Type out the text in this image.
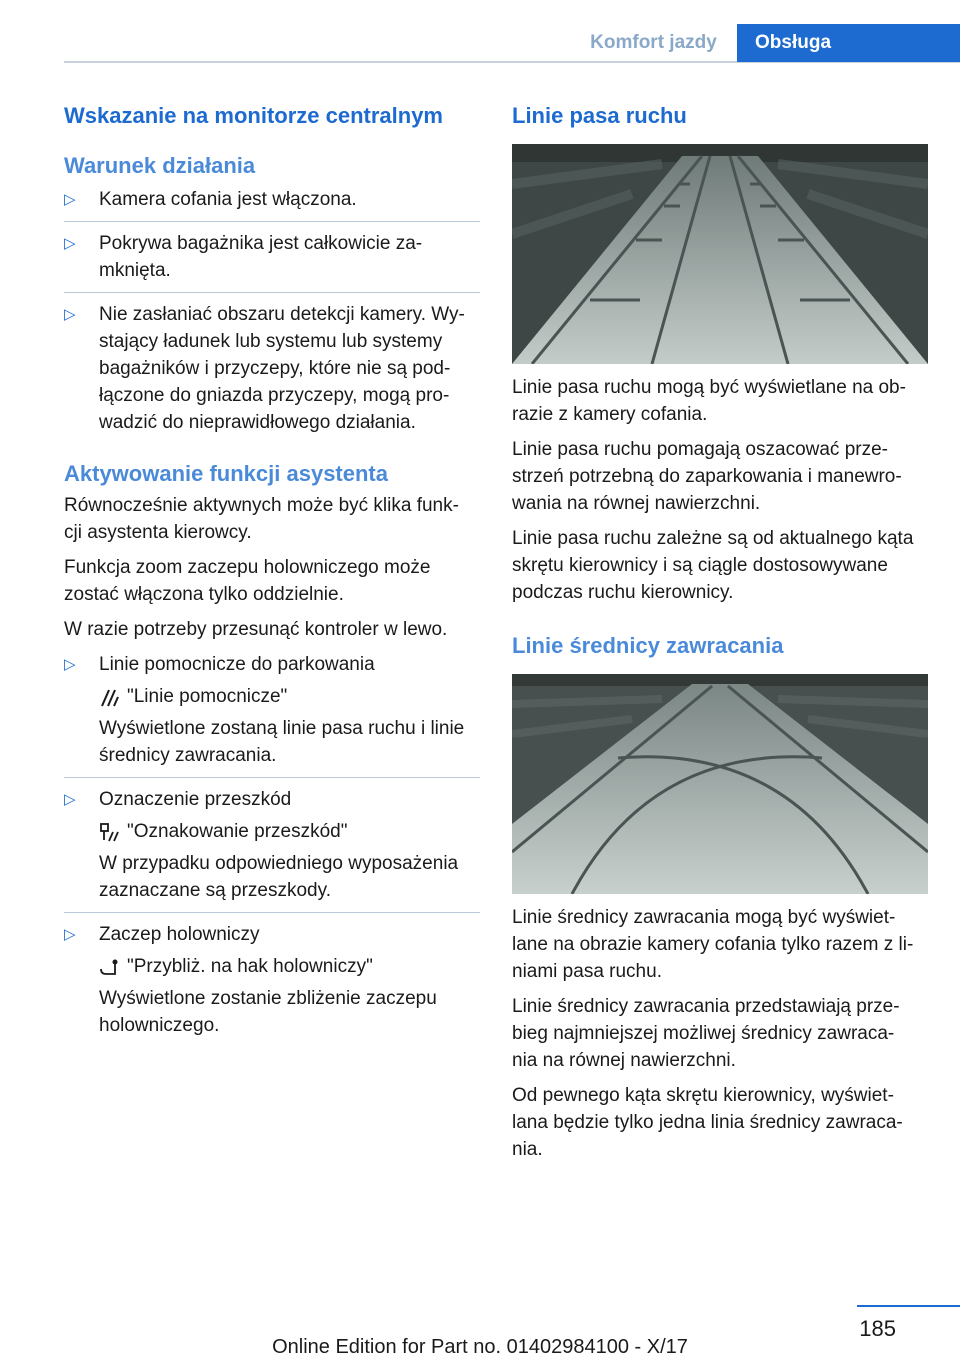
Komfort jazdy	Obsługa
Wskazanie na monitorze centralnym
Warunek działania
▷ Kamera cofania jest włączona.
▷ Pokrywa bagażnika jest całkowicie za-
mknięta.
▷ Nie zasłaniać obszaru detekcji kamery. Wy-
stający ładunek lub systemu lub systemy
bagażników i przyczepy, które nie są pod-
łączone do gniazda przyczepy, mogą pro-
wadzić do nieprawidłowego działania.
Aktywowanie funkcji asystenta

Równocześnie aktywnych może być klika funk-
cji asystenta kierowcy.

Funkcja zoom zaczepu holowniczego może
zostać włączona tylko oddzielnie.

W razie potrzeby przesunąć kontroler w lewo.

▷ Linie pomocnicze do parkowania
"Linie pomocnicze"
Wyświetlone zostaną linie pasa ruchu i linie
średnicy zawracania.
▷ Oznaczenie przeszkód
"Oznakowanie przeszkód"
W przypadku odpowiedniego wyposażenia
zaznaczane są przeszkody.
▷ Zaczep holowniczy
"Przybliż. na hak holowniczy"
Wyświetlone zostanie zbliżenie zaczepu
holowniczego.
Linie pasa ruchu

Linie pasa ruchu mogą być wyświetlane na ob-
razie z kamery cofania.

Linie pasa ruchu pomagają oszacować prze-
strzeń potrzebną do zaparkowania i manewro-
wania na równej nawierzchni.

Linie pasa ruchu zależne są od aktualnego kąta
skrętu kierownicy i są ciągle dostosowywane
podczas ruchu kierownicy.

Linie średnicy zawracania

Linie średnicy zawracania mogą być wyświet-
lane na obrazie kamery cofania tylko razem z li-
niami pasa ruchu.

Linie średnicy zawracania przedstawiają prze-
bieg najmniejszej możliwej średnicy zawraca-
nia na równej nawierzchni.

Od pewnego kąta skrętu kierownicy, wyświet-
lana będzie tylko jedna linia średnicy zawraca-
nia.

185
Online Edition for Part no. 01402984100 - X/17
